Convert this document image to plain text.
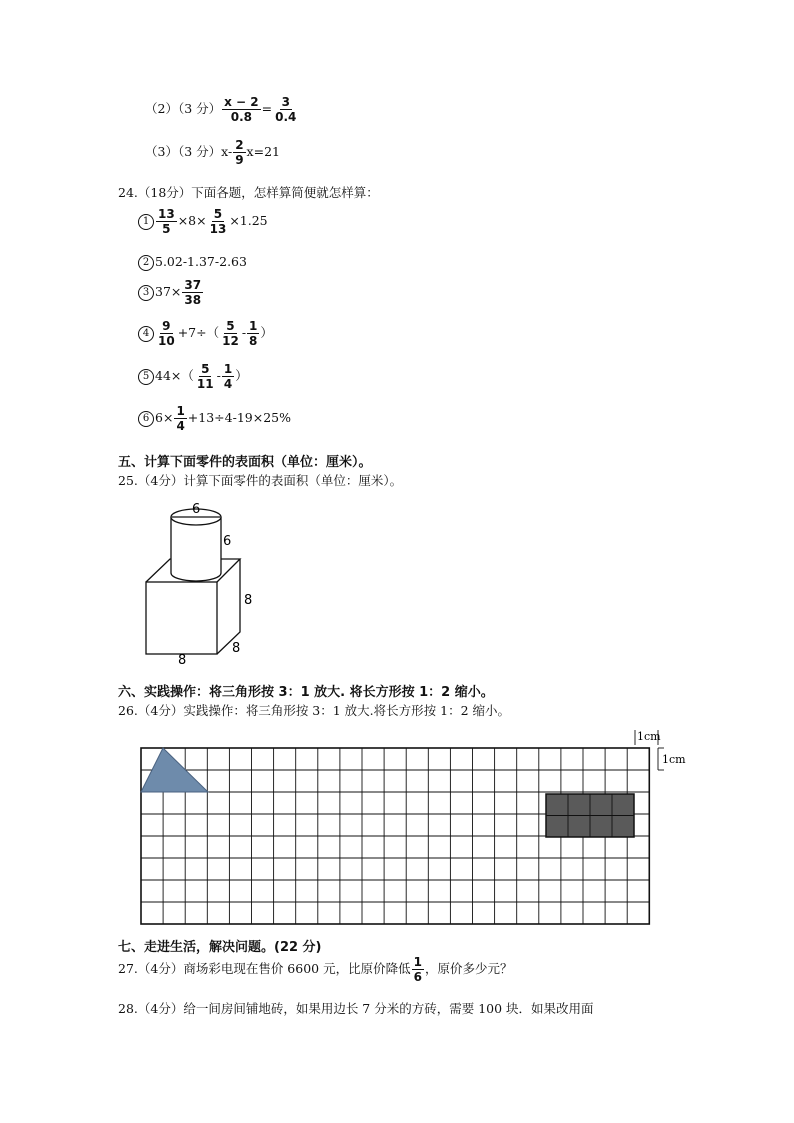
（2）（3 分） $\frac{x - 2}{0.8} = \frac{3}{0.4}$
（3）（3 分）$x- \frac{2}{9} x=21$
24.（18分）下面各题，怎样算简便就怎样算：
$1 \frac{13}{5} \times 8\times \frac{5}{13} \times 1.25$
2 5.02-1.37-2.63
3 $37\times \frac{37}{38}$
$4 \frac{9}{10} +7\div( \frac{5}{12} - \frac{1}{8}$ ）
5 $44\times( \frac{5}{11} - \frac{1}{4}$ ）
6 $6\times \frac{1}{4} +13\div 4-19\times 25\%$
五、计算下面零件的表面积（单位：厘米）。
25.（4分）计算下面零件的表面积（单位：厘米）。
6
6
8
8
8
六、实践操作：将三角形按 3：1 放大. 将长方形按 1：2 缩小。
26.（4分）实践操作：将三角形按 3：1 放大.将长方形按 1：2 缩小。
1cm
1cm
七、走进生活，解决问题。(22 分)
27.（4分）商场彩电现在售价 6600 元，比原价降低 $\frac{1}{6}$ ，原价多少元？
28.（4分）给一间房间铺地砖，如果用边长 7 分米的方砖，需要 100 块．如果改用面
